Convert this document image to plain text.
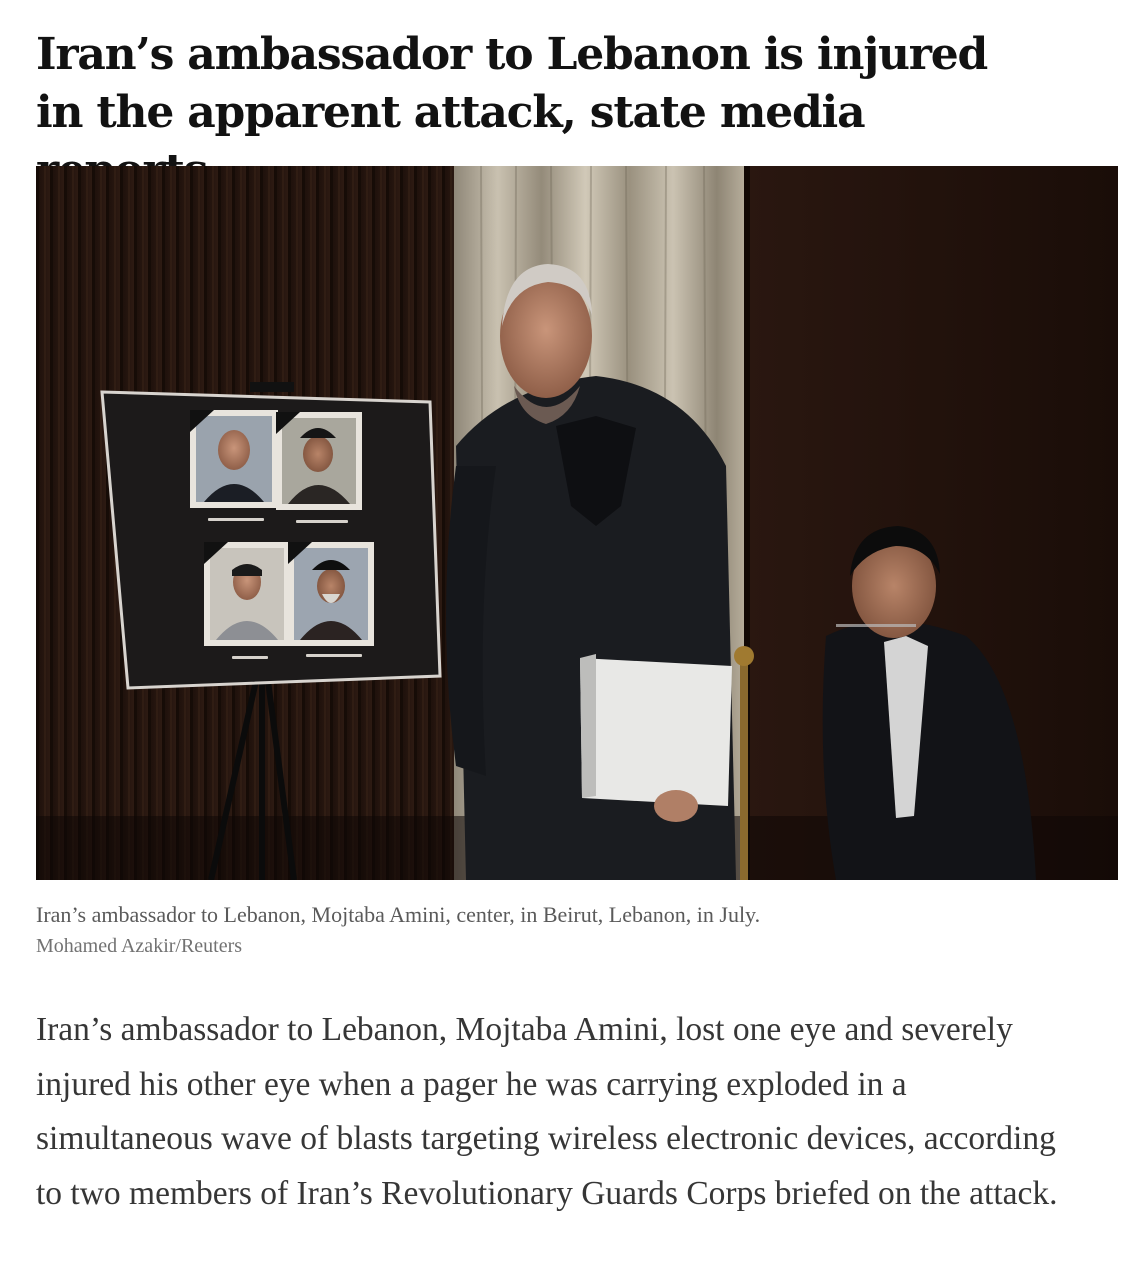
Iran’s ambassador to Lebanon is injured in the apparent attack, state media
Iran’s ambassador to Lebanon, Mojtaba Amini, center, in Beirut, Lebanon, in July.
Mohamed Azakir/Reuters

Iran’s ambassador to Lebanon, Mojtaba Amini, lost one eye and severely injured his other eye when a pager he was carrying exploded in a simultaneous wave of blasts targeting wireless electronic devices, according to two members of Iran’s Revolutionary Guards Corps briefed on the attack.
